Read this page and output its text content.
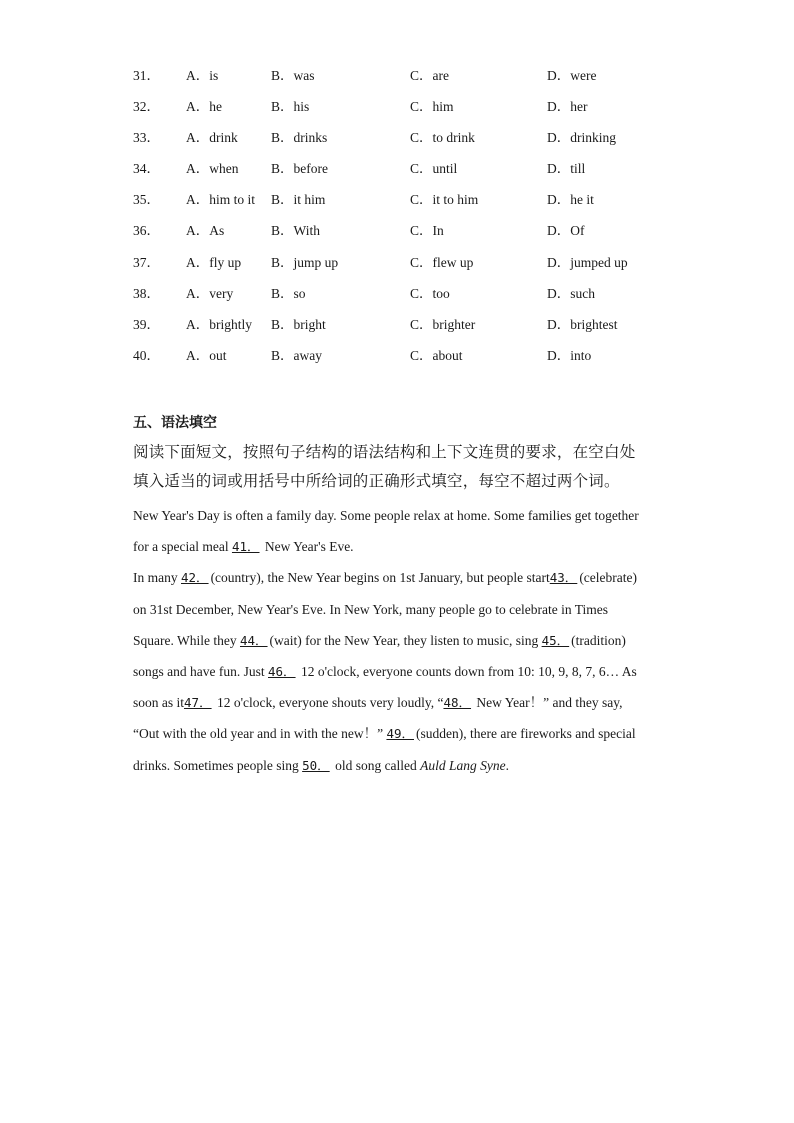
31． A．is	B．was	C．are	D．were
32． A．he	B．his	C．him	D．her
33． A．drink B．drinks	C．to drink	D．drinking
34． A．when B．before	C．until	D．till
35． A．him to it B．it him	C．it to him	D．he it
36． A．As	B．With	C．In	D．Of
37． A．fly up B．jump up	C．flew up	D．jumped up
38． A．very	B．so	C．too	D．such
39． A．brightly B．bright	C．brighter	D．brightest
40． A．out	B．away	C．about	D．into
五、语法填空
阅读下面短文，按照句子结构的语法结构和上下文连贯的要求，在空白处
填入适当的词或用括号中所给词的正确形式填空，每空不超过两个词。
New Year's Day is often a family day. Some people relax at home. Some families get together
for a special meal 41． New Year's Eve.
In many 42． (country), the New Year begins on 1st January, but people start43． (celebrate)
on 31st December, New Year's Eve. In New York, many people go to celebrate in Times
Square. While they 44． (wait) for the New Year, they listen to music, sing 45． (tradition)
songs and have fun. Just 46． 12 o'clock, everyone counts down from 10: 10, 9, 8, 7, 6… As
soon as it47． 12 o'clock, everyone shouts very loudly, “48． New Year！” and they say,
“Out with the old year and in with the new！” 49． (sudden), there are fireworks and special
drinks. Sometimes people sing 50． old song called Auld Lang Syne.
